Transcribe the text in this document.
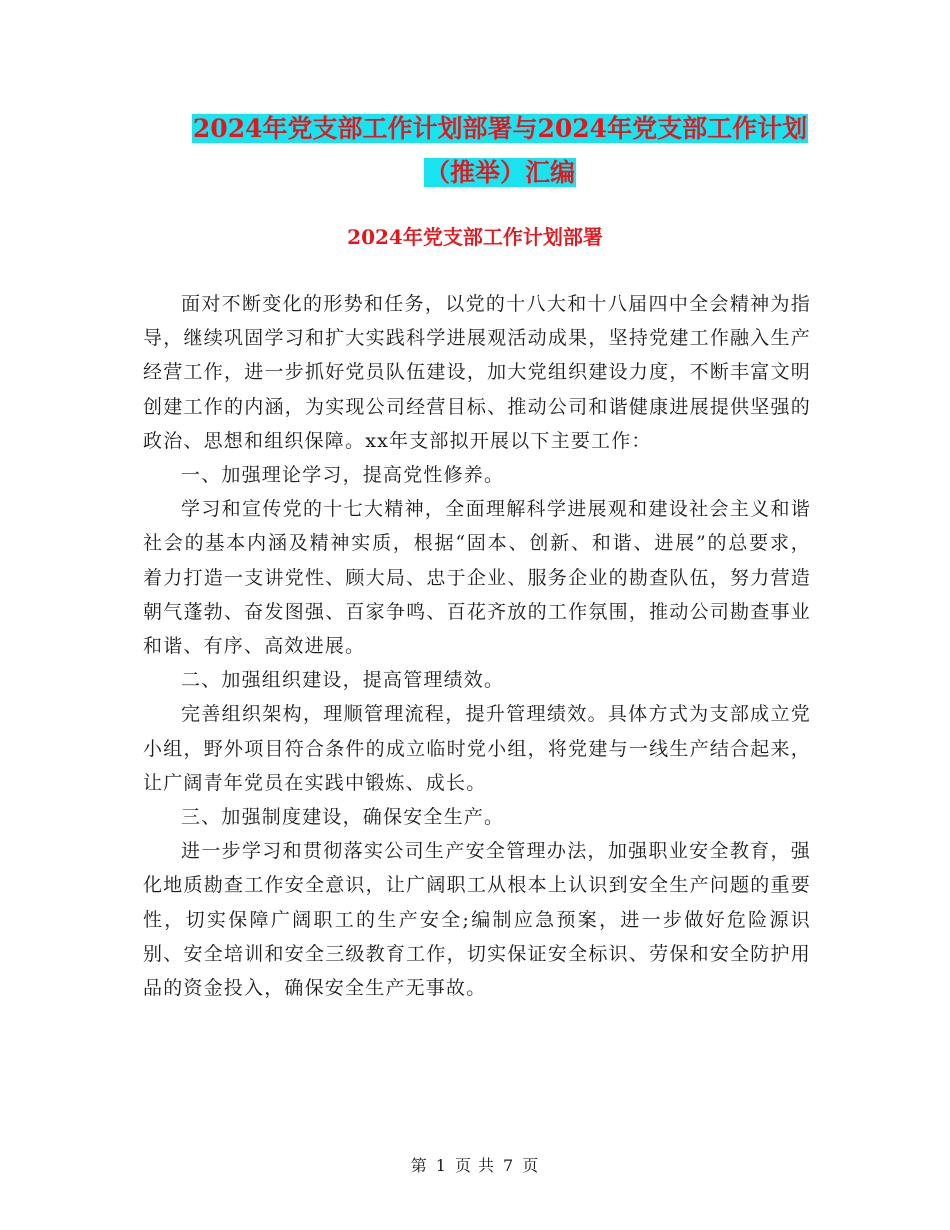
2024年党支部工作计划部署与2024年党支部工作计划
（推举）汇编
2024年党支部工作计划部署

面对不断变化的形势和任务，以党的十八大和十八届四中全会精神为指导，继续巩固学习和扩大实践科学进展观活动成果，坚持党建工作融入生产经营工作，进一步抓好党员队伍建设，加大党组织建设力度，不断丰富文明创建工作的内涵，为实现公司经营目标、推动公司和谐健康进展提供坚强的政治、思想和组织保障。xx年支部拟开展以下主要工作：

一、加强理论学习，提高党性修养。

学习和宣传党的十七大精神，全面理解科学进展观和建设社会主义和谐社会的基本内涵及精神实质，根据“固本、创新、和谐、进展”的总要求，着力打造一支讲党性、顾大局、忠于企业、服务企业的勘查队伍，努力营造朝气蓬勃、奋发图强、百家争鸣、百花齐放的工作氛围，推动公司勘查事业和谐、有序、高效进展。

二、加强组织建设，提高管理绩效。

完善组织架构，理顺管理流程，提升管理绩效。具体方式为支部成立党小组，野外项目符合条件的成立临时党小组，将党建与一线生产结合起来，让广阔青年党员在实践中锻炼、成长。

三、加强制度建设，确保安全生产。

进一步学习和贯彻落实公司生产安全管理办法，加强职业安全教育，强化地质勘查工作安全意识，让广阔职工从根本上认识到安全生产问题的重要性，切实保障广阔职工的生产安全;编制应急预案，进一步做好危险源识别、安全培训和安全三级教育工作，切实保证安全标识、劳保和安全防护用品的资金投入，确保安全生产无事故。

第 1 页 共 7 页
